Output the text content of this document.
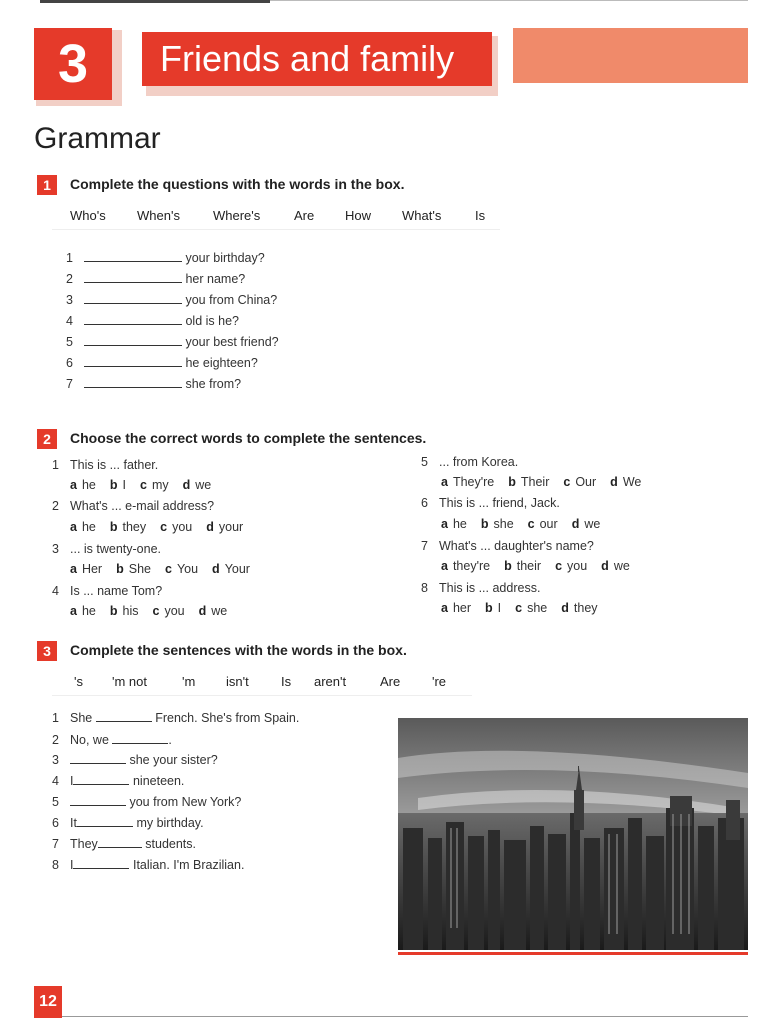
3	Friends and family
Grammar
1	Complete the questions with the words in the box.
Who's	When's	Where's	Are	How	What's	Is
1	your birthday?
2	her name?
3	you from China?
4	old is he?
5	your best friend?
6	he eighteen?
7	she from?
2	Choose the correct words to complete the sentences.
1 This is ... father.
a he b I c my d we
2 What's ... e-mail address?
a he b they c you d your
3 ... is twenty-one.
a Her b She c You d Your
4 Is ... name Tom?
a he b his c you d we
5 ... from Korea.
a They're b Their c Our d We
6 This is ... friend, Jack.
a he b she c our d we
7 What's ... daughter's name?
a they're b their c you d we
8 This is ... address.
a her b I c she d they
3	Complete the sentences with the words in the box.
's	'm not	'm	isn't	Is	aren't	Are	're
1 She	French. She's from Spain.
2 No, we	.
3	she your sister?
4 I	nineteen.
5	you from New York?
6 It	my birthday.
7 They	students.
8 I	Italian. I'm Brazilian.
12
